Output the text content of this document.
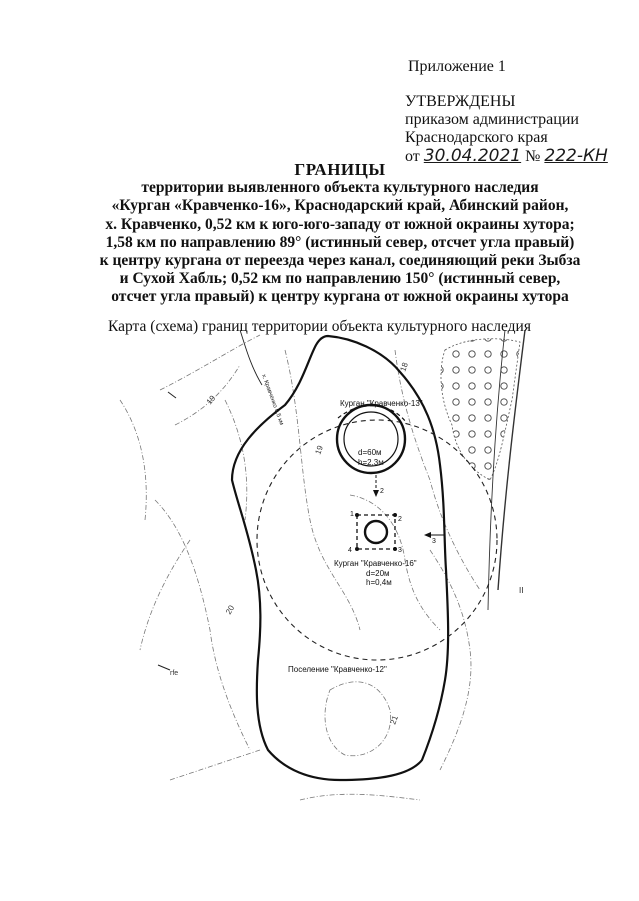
Приложение 1
УТВЕРЖДЕНЫ
приказом администрации
Краснодарского края
от 30.04.2021 № 222-КН
ГРАНИЦЫ
территории выявленного объекта культурного наследия
«Курган «Кравченко-16», Краснодарский край, Абинский район,
х. Кравченко, 0,52 км к юго-юго-западу от южной окраины хутора;
1,58 км по направлению 89° (истинный север, отсчет угла правый)
к центру кургана от переезда через канал, соединяющий реки Зыбза
и Сухой Хабль; 0,52 км по направлению 150° (истинный север,
отсчет угла правый) к центру кургана от южной окраины хутора
Карта (схема) границ территории объекта культурного наследия
х. Кравченко 0,5 км
II
Курган "Кравченко-13"
d=60м
h=2,3м
2
1
2
3
4
Курган "Кравченко-16"
d=20м
h=0,4м
3
Поселение "Кравченко-12"
18
19
19
20
21
rfe
